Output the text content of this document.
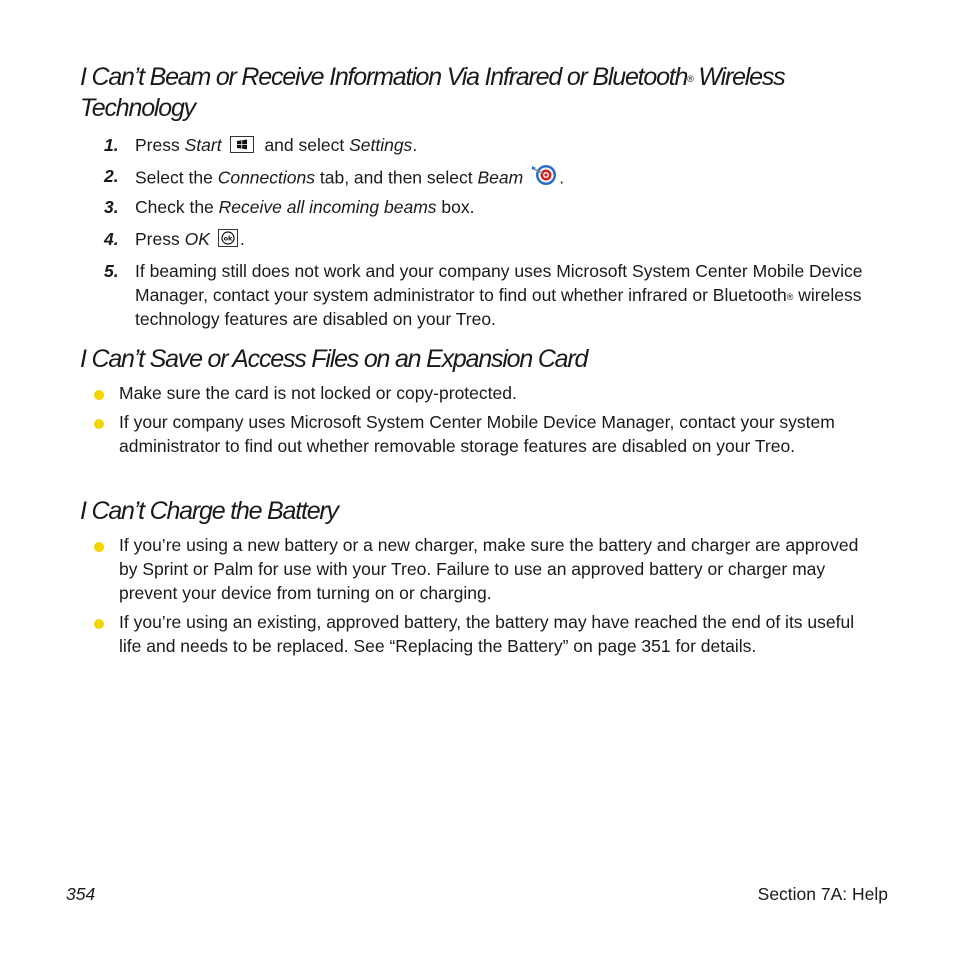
I Can’t Beam or Receive Information Via Infrared or Bluetooth® Wireless Technology
1. Press Start
and select Settings.
2. Select the Connections tab, and then select Beam .
3. Check the Receive all incoming beams box.
4. Press OK ok .
5. If beaming still does not work and your company uses Microsoft System Center Mobile Device Manager, contact your system administrator to find out whether infrared or Bluetooth® wireless technology features are disabled on your Treo.
I Can’t Save or Access Files on an Expansion Card
Make sure the card is not locked or copy-protected.
If your company uses Microsoft System Center Mobile Device Manager, contact your system administrator to find out whether removable storage features are disabled on your Treo.
I Can’t Charge the Battery
If you’re using a new battery or a new charger, make sure the battery and charger are approved by Sprint or Palm for use with your Treo. Failure to use an approved battery or charger may prevent your device from turning on or charging.
If you’re using an existing, approved battery, the battery may have reached the end of its useful life and needs to be replaced. See “Replacing the Battery” on page 351 for details.
354	Section 7A: Help
